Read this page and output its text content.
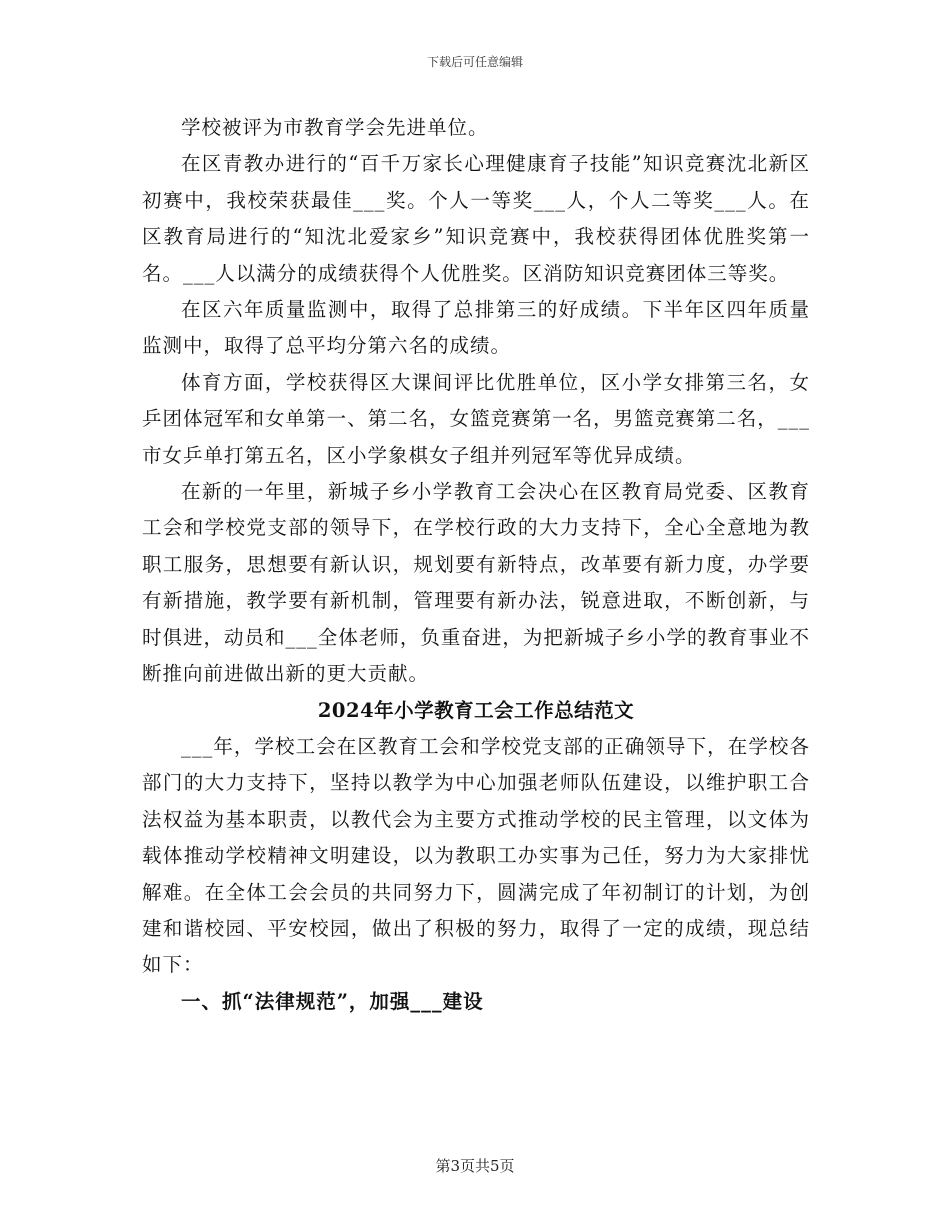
下载后可任意编辑

学校被评为市教育学会先进单位。

在区青教办进行的“百千万家长心理健康育子技能”知识竞赛沈北新区初赛中，我校荣获最佳___奖。个人一等奖___人，个人二等奖___人。在区教育局进行的“知沈北爱家乡”知识竞赛中，我校获得团体优胜奖第一名。___人以满分的成绩获得个人优胜奖。区消防知识竞赛团体三等奖。

在区六年质量监测中，取得了总排第三的好成绩。下半年区四年质量监测中，取得了总平均分第六名的成绩。

体育方面，学校获得区大课间评比优胜单位，区小学女排第三名，女乒团体冠军和女单第一、第二名，女篮竞赛第一名，男篮竞赛第二名，___市女乒单打第五名，区小学象棋女子组并列冠军等优异成绩。

在新的一年里，新城子乡小学教育工会决心在区教育局党委、区教育工会和学校党支部的领导下，在学校行政的大力支持下，全心全意地为教职工服务，思想要有新认识，规划要有新特点，改革要有新力度，办学要有新措施，教学要有新机制，管理要有新办法，锐意进取，不断创新，与时俱进，动员和___全体老师，负重奋进，为把新城子乡小学的教育事业不断推向前进做出新的更大贡献。

2024年小学教育工会工作总结范文

___年，学校工会在区教育工会和学校党支部的正确领导下，在学校各部门的大力支持下，坚持以教学为中心加强老师队伍建设，以维护职工合法权益为基本职责，以教代会为主要方式推动学校的民主管理，以文体为载体推动学校精神文明建设，以为教职工办实事为己任，努力为大家排忧解难。在全体工会会员的共同努力下，圆满完成了年初制订的计划，为创建和谐校园、平安校园，做出了积极的努力，取得了一定的成绩，现总结如下：

一、抓“法律规范”，加强___建设
第3页共5页
